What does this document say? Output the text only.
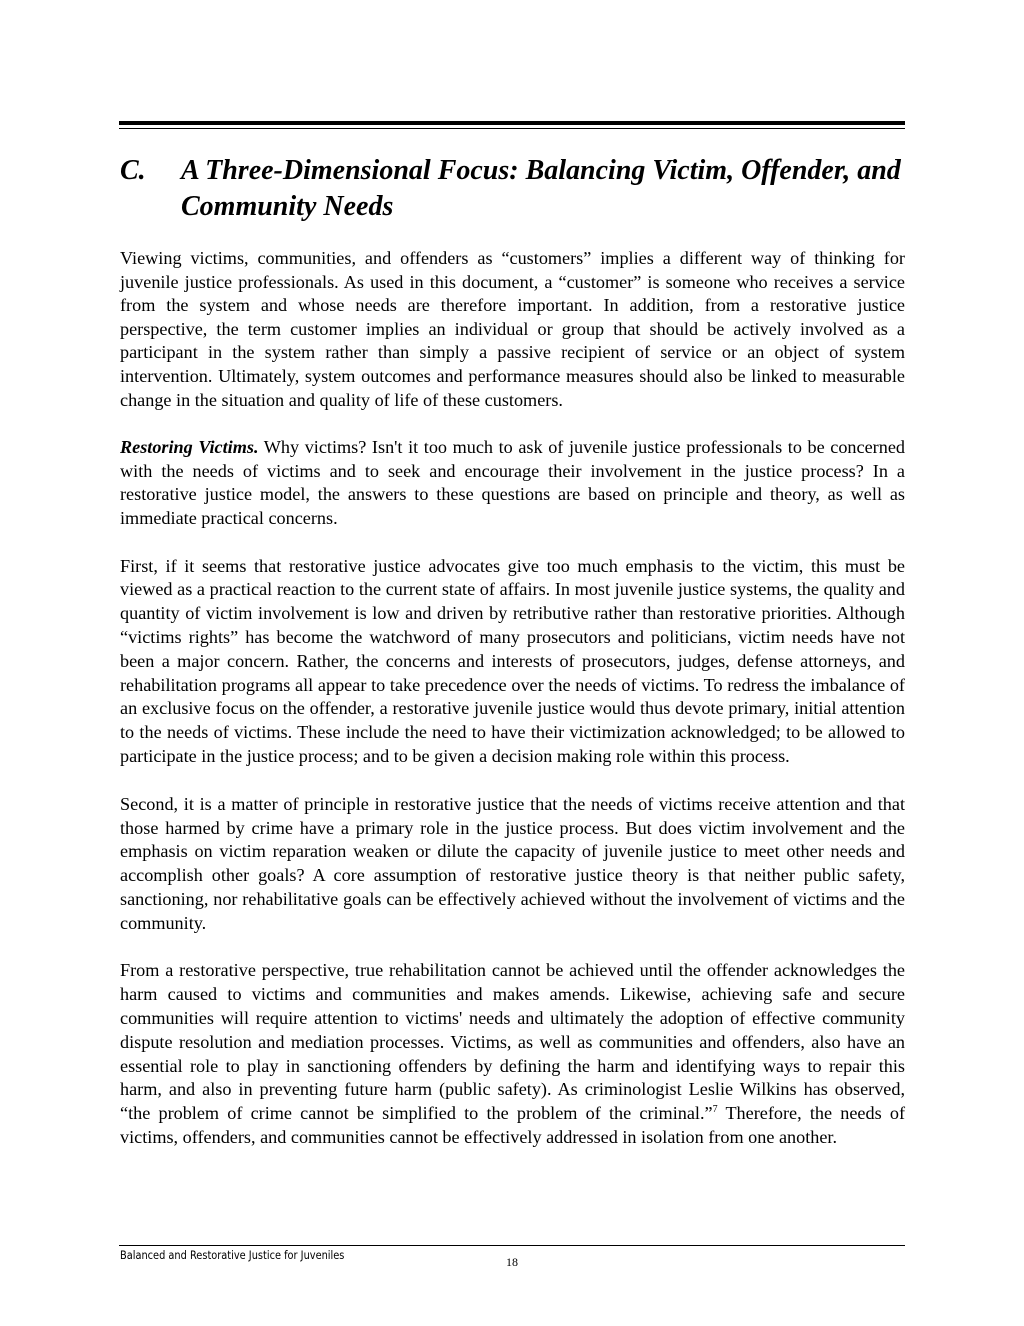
C. A Three-Dimensional Focus: Balancing Victim, Offender, and Community Needs

Viewing victims, communities, and offenders as “customers” implies a different way of thinking for juvenile justice professionals. As used in this document, a “customer” is someone who receives a service from the system and whose needs are therefore important. In addition, from a restorative justice perspective, the term customer implies an individual or group that should be actively involved as a participant in the system rather than simply a passive recipient of service or an object of system intervention. Ultimately, system outcomes and performance measures should also be linked to measurable change in the situation and quality of life of these customers.

Restoring Victims. Why victims? Isn't it too much to ask of juvenile justice professionals to be concerned with the needs of victims and to seek and encourage their involvement in the justice process? In a restorative justice model, the answers to these questions are based on principle and theory, as well as immediate practical concerns.

First, if it seems that restorative justice advocates give too much emphasis to the victim, this must be viewed as a practical reaction to the current state of affairs. In most juvenile justice systems, the quality and quantity of victim involvement is low and driven by retributive rather than restorative priorities. Although “victims rights” has become the watchword of many prosecutors and politicians, victim needs have not been a major concern. Rather, the concerns and interests of prosecutors, judges, defense attorneys, and rehabilitation programs all appear to take precedence over the needs of victims. To redress the imbalance of an exclusive focus on the offender, a restorative juvenile justice would thus devote primary, initial attention to the needs of victims. These include the need to have their victimization acknowledged; to be allowed to participate in the justice process; and to be given a decision making role within this process.

Second, it is a matter of principle in restorative justice that the needs of victims receive attention and that those harmed by crime have a primary role in the justice process. But does victim involvement and the emphasis on victim reparation weaken or dilute the capacity of juvenile justice to meet other needs and accomplish other goals? A core assumption of restorative justice theory is that neither public safety, sanctioning, nor rehabilitative goals can be effectively achieved without the involvement of victims and the community.

From a restorative perspective, true rehabilitation cannot be achieved until the offender acknowledges the harm caused to victims and communities and makes amends. Likewise, achieving safe and secure communities will require attention to victims' needs and ultimately the adoption of effective community dispute resolution and mediation processes. Victims, as well as communities and offenders, also have an essential role to play in sanctioning offenders by defining the harm and identifying ways to repair this harm, and also in preventing future harm (public safety). As criminologist Leslie Wilkins has observed, “the problem of crime cannot be simplified to the problem of the criminal.”$^7$ Therefore, the needs of victims, offenders, and communities cannot be effectively addressed in isolation from one another.

Balanced and Restorative Justice for Juveniles	18
